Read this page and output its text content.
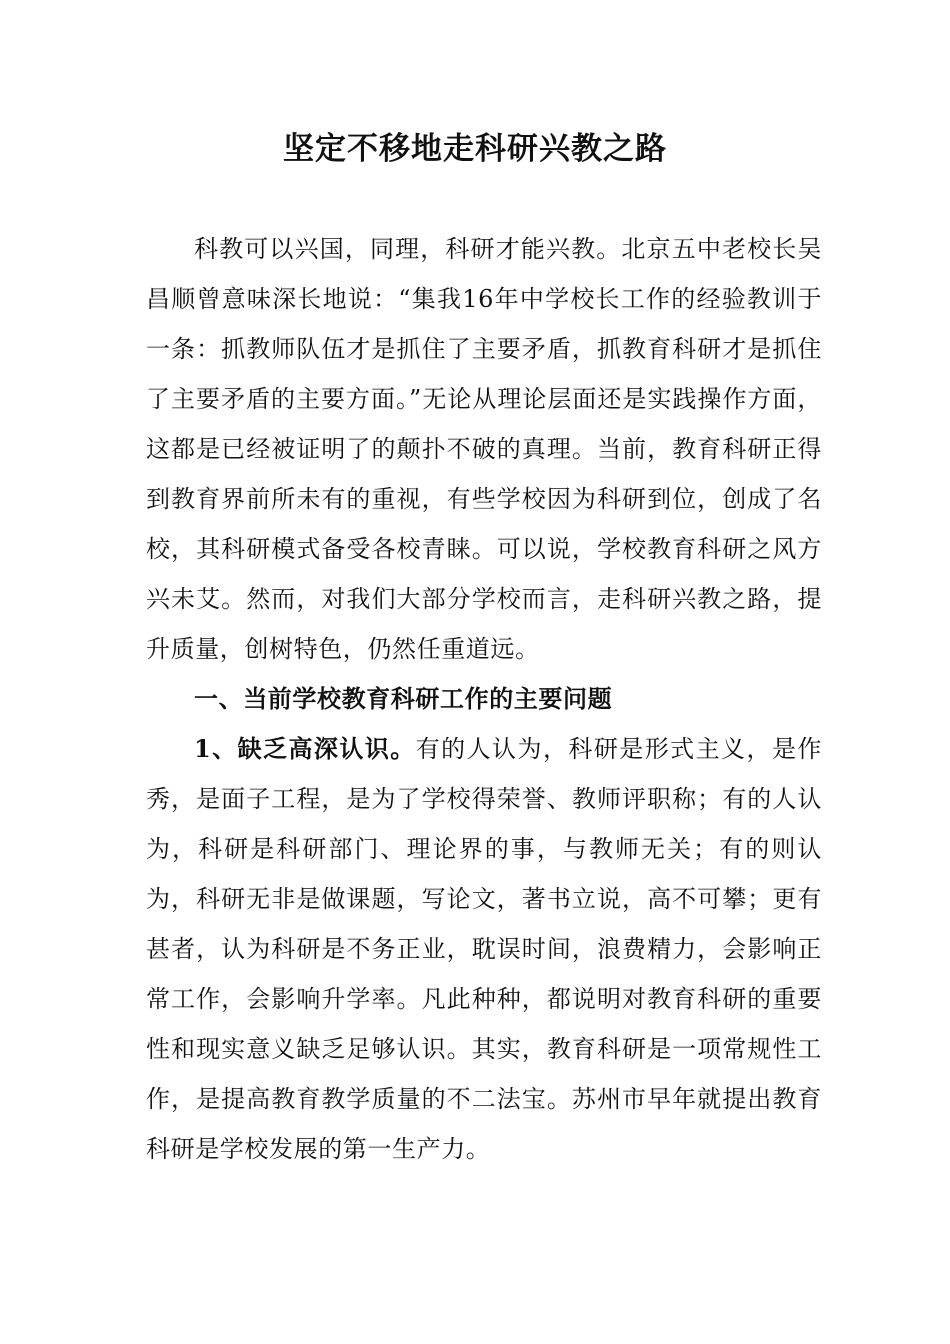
坚定不移地走科研兴教之路

科教可以兴国，同理，科研才能兴教。北京五中老校长吴昌顺曾意味深长地说：“集我16年中学校长工作的经验教训于一条：抓教师队伍才是抓住了主要矛盾，抓教育科研才是抓住了主要矛盾的主要方面。”无论从理论层面还是实践操作方面，这都是已经被证明了的颠扑不破的真理。当前，教育科研正得到教育界前所未有的重视，有些学校因为科研到位，创成了名校，其科研模式备受各校青睐。可以说，学校教育科研之风方兴未艾。然而，对我们大部分学校而言，走科研兴教之路，提升质量，创树特色，仍然任重道远。

一、当前学校教育科研工作的主要问题

1、缺乏高深认识。有的人认为，科研是形式主义，是作秀，是面子工程，是为了学校得荣誉、教师评职称；有的人认为，科研是科研部门、理论界的事，与教师无关；有的则认为，科研无非是做课题，写论文，著书立说，高不可攀；更有甚者，认为科研是不务正业，耽误时间，浪费精力，会影响正常工作，会影响升学率。凡此种种，都说明对教育科研的重要性和现实意义缺乏足够认识。其实，教育科研是一项常规性工作，是提高教育教学质量的不二法宝。苏州市早年就提出教育科研是学校发展的第一生产力。
